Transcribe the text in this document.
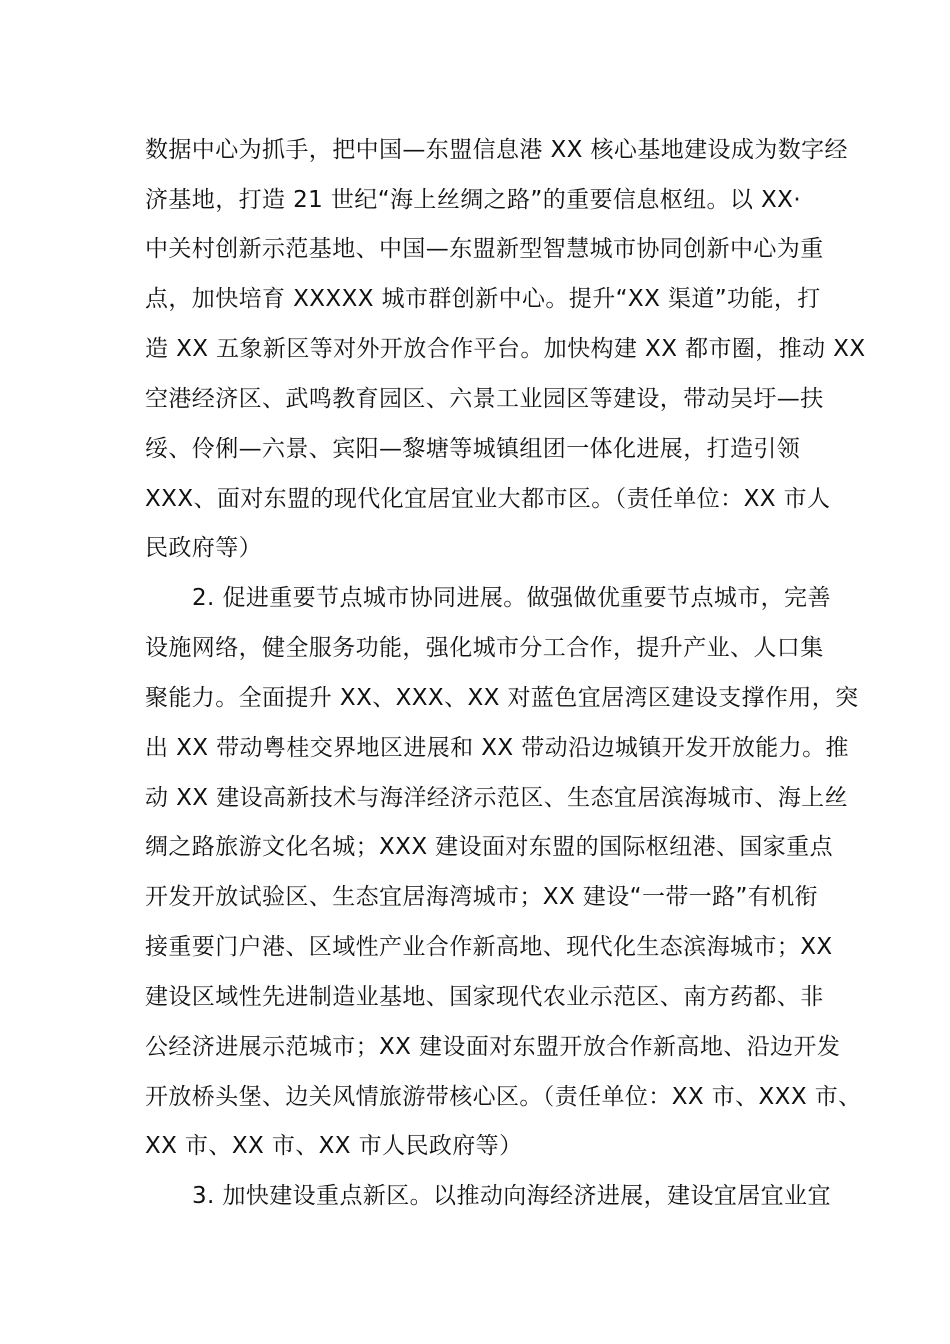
数据中心为抓手，把中国—东盟信息港 XX 核心基地建设成为数字经
济基地，打造 21 世纪“海上丝绸之路”的重要信息枢纽。以 XX·
中关村创新示范基地、中国—东盟新型智慧城市协同创新中心为重
点，加快培育 XXXXX 城市群创新中心。提升“XX 渠道”功能，打
造 XX 五象新区等对外开放合作平台。加快构建 XX 都市圈，推动 XX
空港经济区、武鸣教育园区、六景工业园区等建设，带动吴圩—扶
绥、伶俐—六景、宾阳—黎塘等城镇组团一体化进展，打造引领
XXX、面对东盟的现代化宜居宜业大都市区。（责任单位：XX 市人
民政府等）
2. 促进重要节点城市协同进展。做强做优重要节点城市，完善
设施网络，健全服务功能，强化城市分工合作，提升产业、人口集
聚能力。全面提升 XX、XXX、XX 对蓝色宜居湾区建设支撑作用，突
出 XX 带动粤桂交界地区进展和 XX 带动沿边城镇开发开放能力。推
动 XX 建设高新技术与海洋经济示范区、生态宜居滨海城市、海上丝
绸之路旅游文化名城；XXX 建设面对东盟的国际枢纽港、国家重点
开发开放试验区、生态宜居海湾城市；XX 建设“一带一路”有机衔
接重要门户港、区域性产业合作新高地、现代化生态滨海城市；XX
建设区域性先进制造业基地、国家现代农业示范区、南方药都、非
公经济进展示范城市；XX 建设面对东盟开放合作新高地、沿边开发
开放桥头堡、边关风情旅游带核心区。（责任单位：XX 市、XXX 市、
XX 市、XX 市、XX 市人民政府等）
3. 加快建设重点新区。以推动向海经济进展，建设宜居宜业宜
